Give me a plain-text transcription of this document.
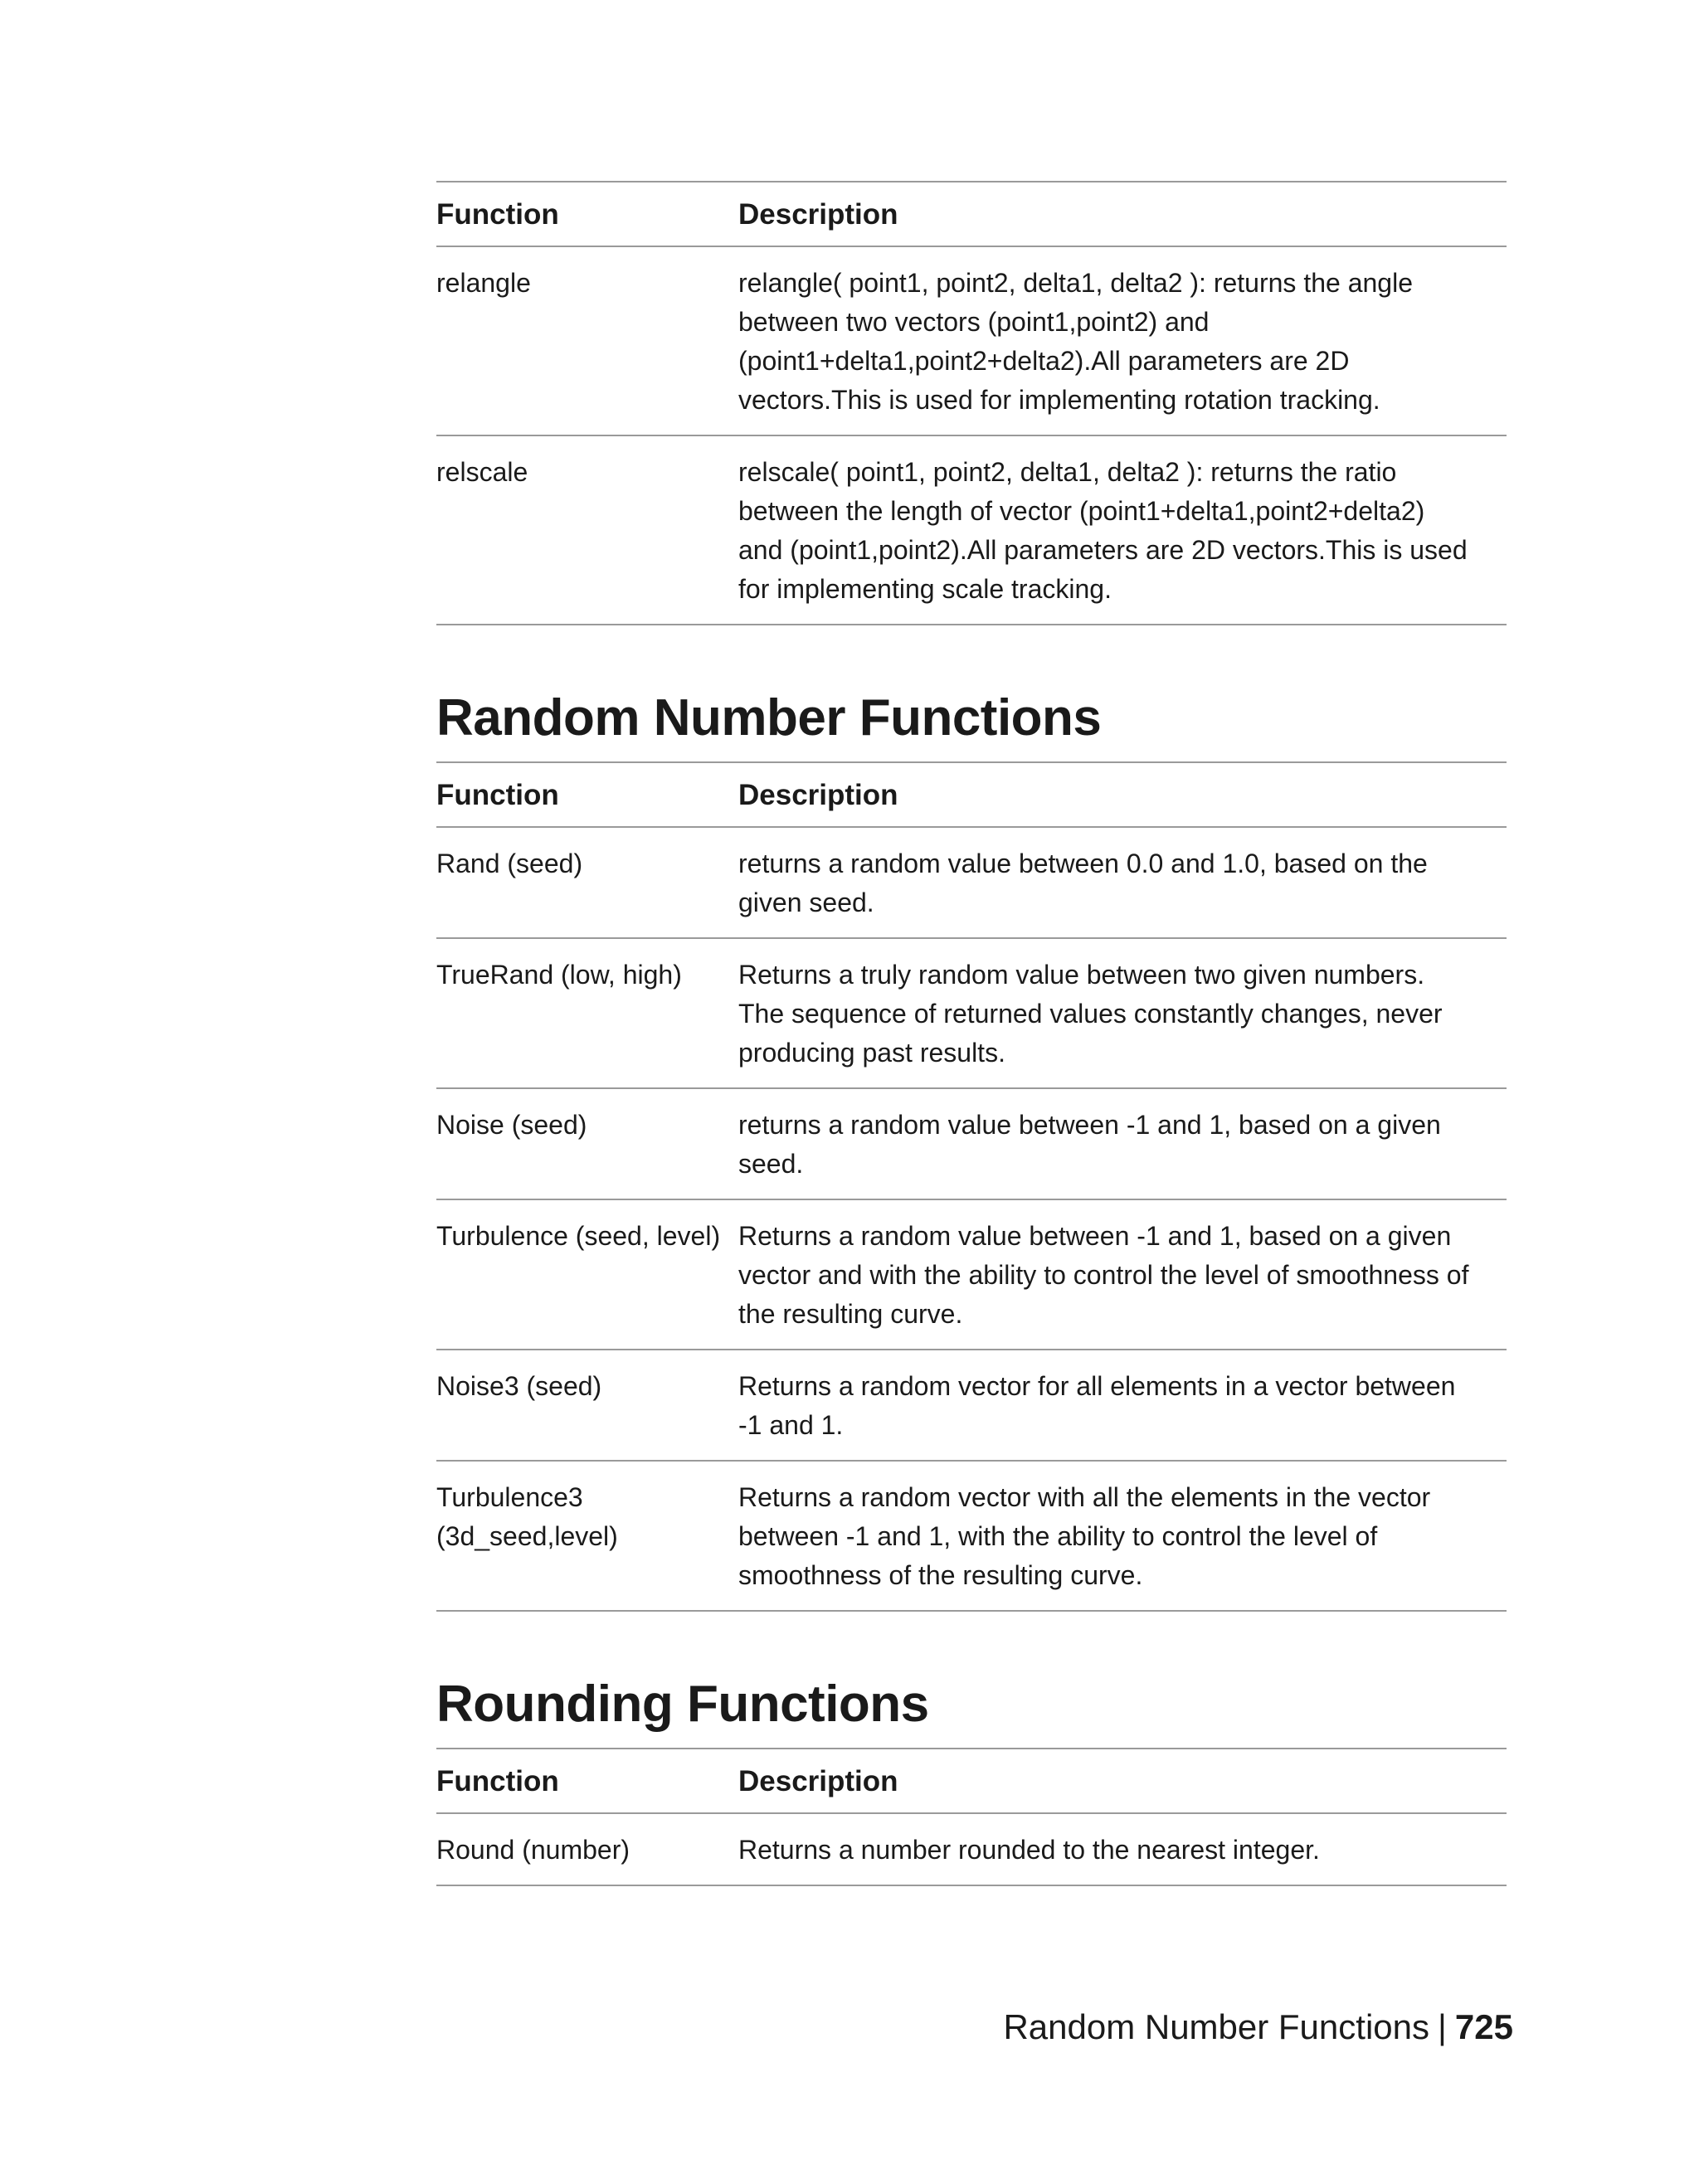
Function	Description
relangle	relangle( point1, point2, delta1, delta2 ): returns the angle between two vectors (point1,point2) and (point1+delta1,point2+delta2).All parameters are 2D vectors.This is used for implementing rotation tracking.
relscale	relscale( point1, point2, delta1, delta2 ): returns the ratio between the length of vector (point1+delta1,point2+delta2) and (point1,point2).All parameters are 2D vectors.This is used for implementing scale tracking.
Random Number Functions
Function	Description
Rand (seed)	returns a random value between 0.0 and 1.0, based on the given seed.
TrueRand (low, high)	Returns a truly random value between two given numbers. The sequence of returned values constantly changes, never producing past results.
Noise (seed)	returns a random value between -1 and 1, based on a given seed.
Turbulence (seed, level)	Returns a random value between -1 and 1, based on a given vector and with the ability to control the level of smoothness of the resulting curve.
Noise3 (seed)	Returns a random vector for all elements in a vector between -1 and 1.
Turbulence3 (3d_seed,level)	Returns a random vector with all the elements in the vector between -1 and 1, with the ability to control the level of smoothness of the resulting curve.
Rounding Functions
Function	Description
Round (number)	Returns a number rounded to the nearest integer.
Random Number Functions | 725
